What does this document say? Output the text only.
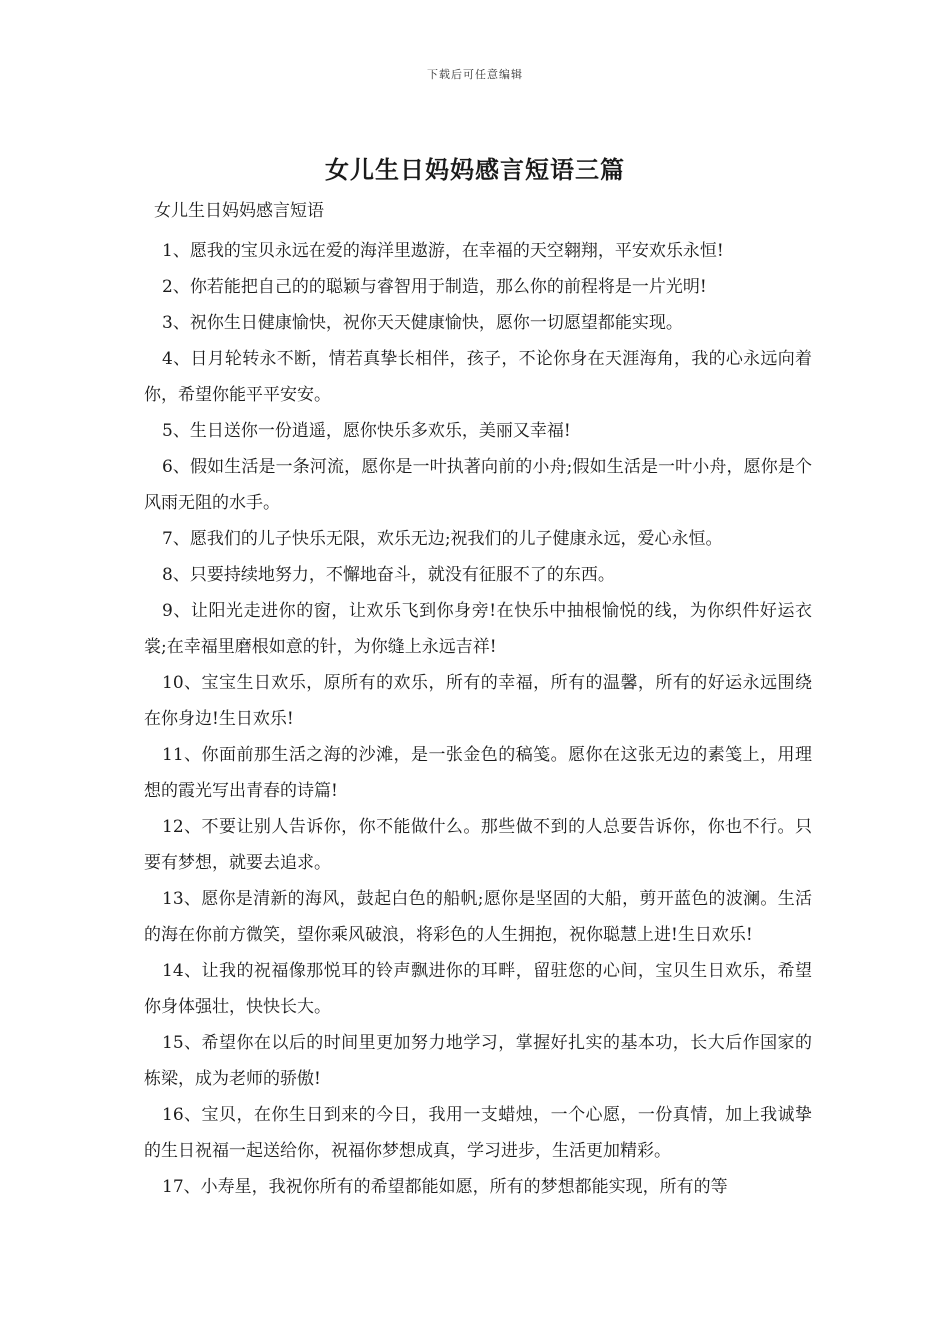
下载后可任意编辑
女儿生日妈妈感言短语三篇
女儿生日妈妈感言短语
1、愿我的宝贝永远在爱的海洋里遨游，在幸福的天空翱翔，平安欢乐永恒!
2、你若能把自己的的聪颖与睿智用于制造，那么你的前程将是一片光明!
3、祝你生日健康愉快，祝你天天健康愉快，愿你一切愿望都能实现。
4、日月轮转永不断，情若真挚长相伴，孩子，不论你身在天涯海角，我的心永远向着你，希望你能平平安安。
5、生日送你一份逍遥，愿你快乐多欢乐，美丽又幸福!
6、假如生活是一条河流，愿你是一叶执著向前的小舟;假如生活是一叶小舟，愿你是个风雨无阻的水手。
7、愿我们的儿子快乐无限，欢乐无边;祝我们的儿子健康永远，爱心永恒。
8、只要持续地努力，不懈地奋斗，就没有征服不了的东西。
9、让阳光走进你的窗，让欢乐飞到你身旁!在快乐中抽根愉悦的线，为你织件好运衣裳;在幸福里磨根如意的针，为你缝上永远吉祥!
10、宝宝生日欢乐，原所有的欢乐，所有的幸福，所有的温馨，所有的好运永远围绕在你身边!生日欢乐!
11、你面前那生活之海的沙滩，是一张金色的稿笺。愿你在这张无边的素笺上，用理想的霞光写出青春的诗篇!
12、不要让别人告诉你，你不能做什么。那些做不到的人总要告诉你，你也不行。只要有梦想，就要去追求。
13、愿你是清新的海风，鼓起白色的船帆;愿你是坚固的大船，剪开蓝色的波澜。生活的海在你前方微笑，望你乘风破浪，将彩色的人生拥抱，祝你聪慧上进!生日欢乐!
14、让我的祝福像那悦耳的铃声飘进你的耳畔，留驻您的心间，宝贝生日欢乐，希望你身体强壮，快快长大。
15、希望你在以后的时间里更加努力地学习，掌握好扎实的基本功，长大后作国家的栋梁，成为老师的骄傲!
16、宝贝，在你生日到来的今日，我用一支蜡烛，一个心愿，一份真情，加上我诚挚的生日祝福一起送给你，祝福你梦想成真，学习进步，生活更加精彩。
17、小寿星，我祝你所有的希望都能如愿，所有的梦想都能实现，所有的等
